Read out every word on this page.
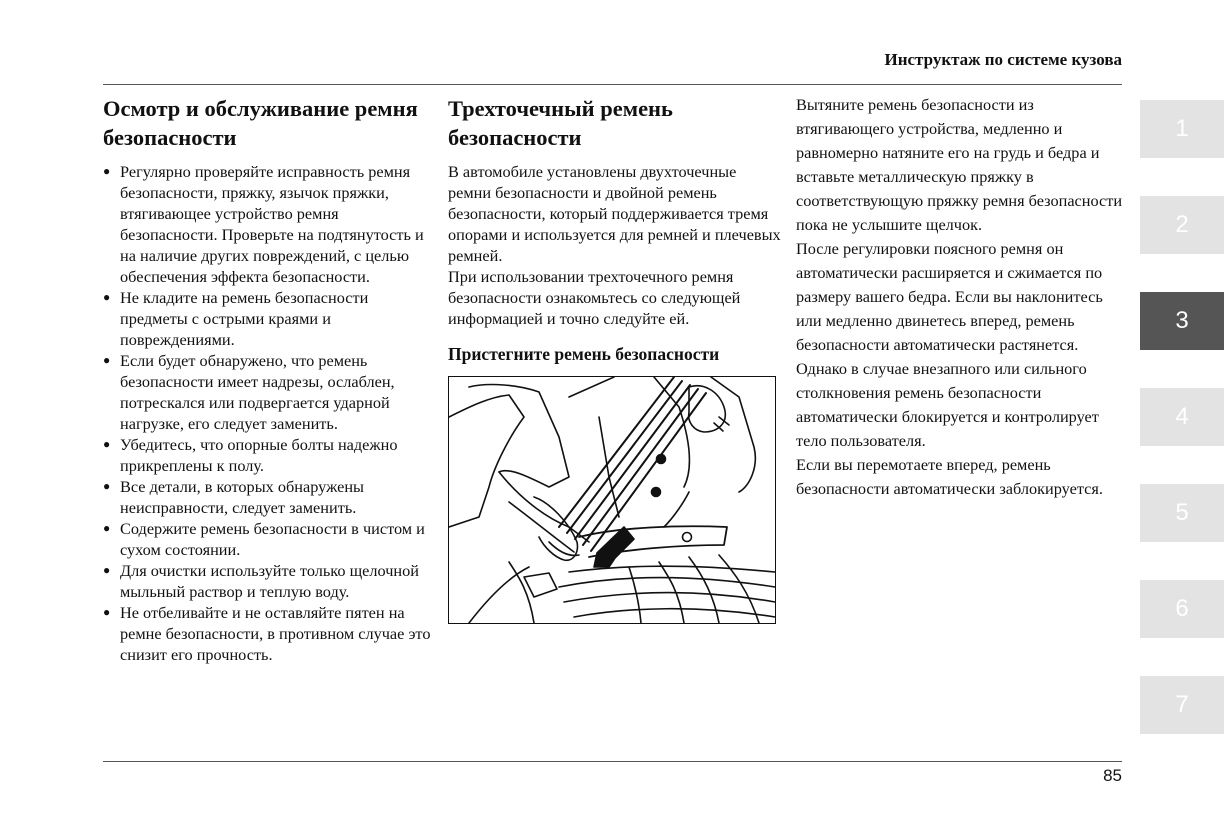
Инструктаж по системе кузова
Осмотр и обслуживание ремня безопасности
● Регулярно проверяйте исправность ремня безопасности, пряжку, язычок пряжки, втягивающее устройство ремня безопасности. Проверьте на подтянутость и на наличие других повреждений, с целью обеспечения эффекта безопасности.
● Не кладите на ремень безопасности предметы с острыми краями и повреждениями.
● Если будет обнаружено, что ремень безопасности имеет надрезы, ослаблен, потрескался или подвергается ударной нагрузке, его следует заменить.
● Убедитесь, что опорные болты надежно прикреплены к полу.
● Все детали, в которых обнаружены неисправности, следует заменить.
● Содержите ремень безопасности в чистом и сухом состоянии.
● Для очистки используйте только щелочной мыльный раствор и теплую воду.
● Не отбеливайте и не оставляйте пятен на ремне безопасности, в противном случае это снизит его прочность.
Трехточечный ремень безопасности

В автомобиле установлены двухточечные ремни безопасности и двойной ремень безопасности, который поддерживается тремя опорами и используется для ремней и плечевых ремней.

При использовании трехточечного ремня безопасности ознакомьтесь со следующей информацией и точно следуйте ей.

Пристегните ремень безопасности

Вытяните ремень безопасности из втягивающего устройства, медленно и равномерно натяните его на грудь и бедра и вставьте металлическую пряжку в соответствующую пряжку ремня безопасности пока не услышите щелчок.

После регулировки поясного ремня он автоматически расширяется и сжимается по размеру вашего бедра. Если вы наклонитесь или медленно двинетесь вперед, ремень безопасности автоматически растянется. Однако в случае внезапного или сильного столкновения ремень безопасности автоматически блокируется и контролирует тело пользователя.

Если вы перемотаете вперед, ремень безопасности автоматически заблокируется.

1
2
3
4
5
6
7
85
